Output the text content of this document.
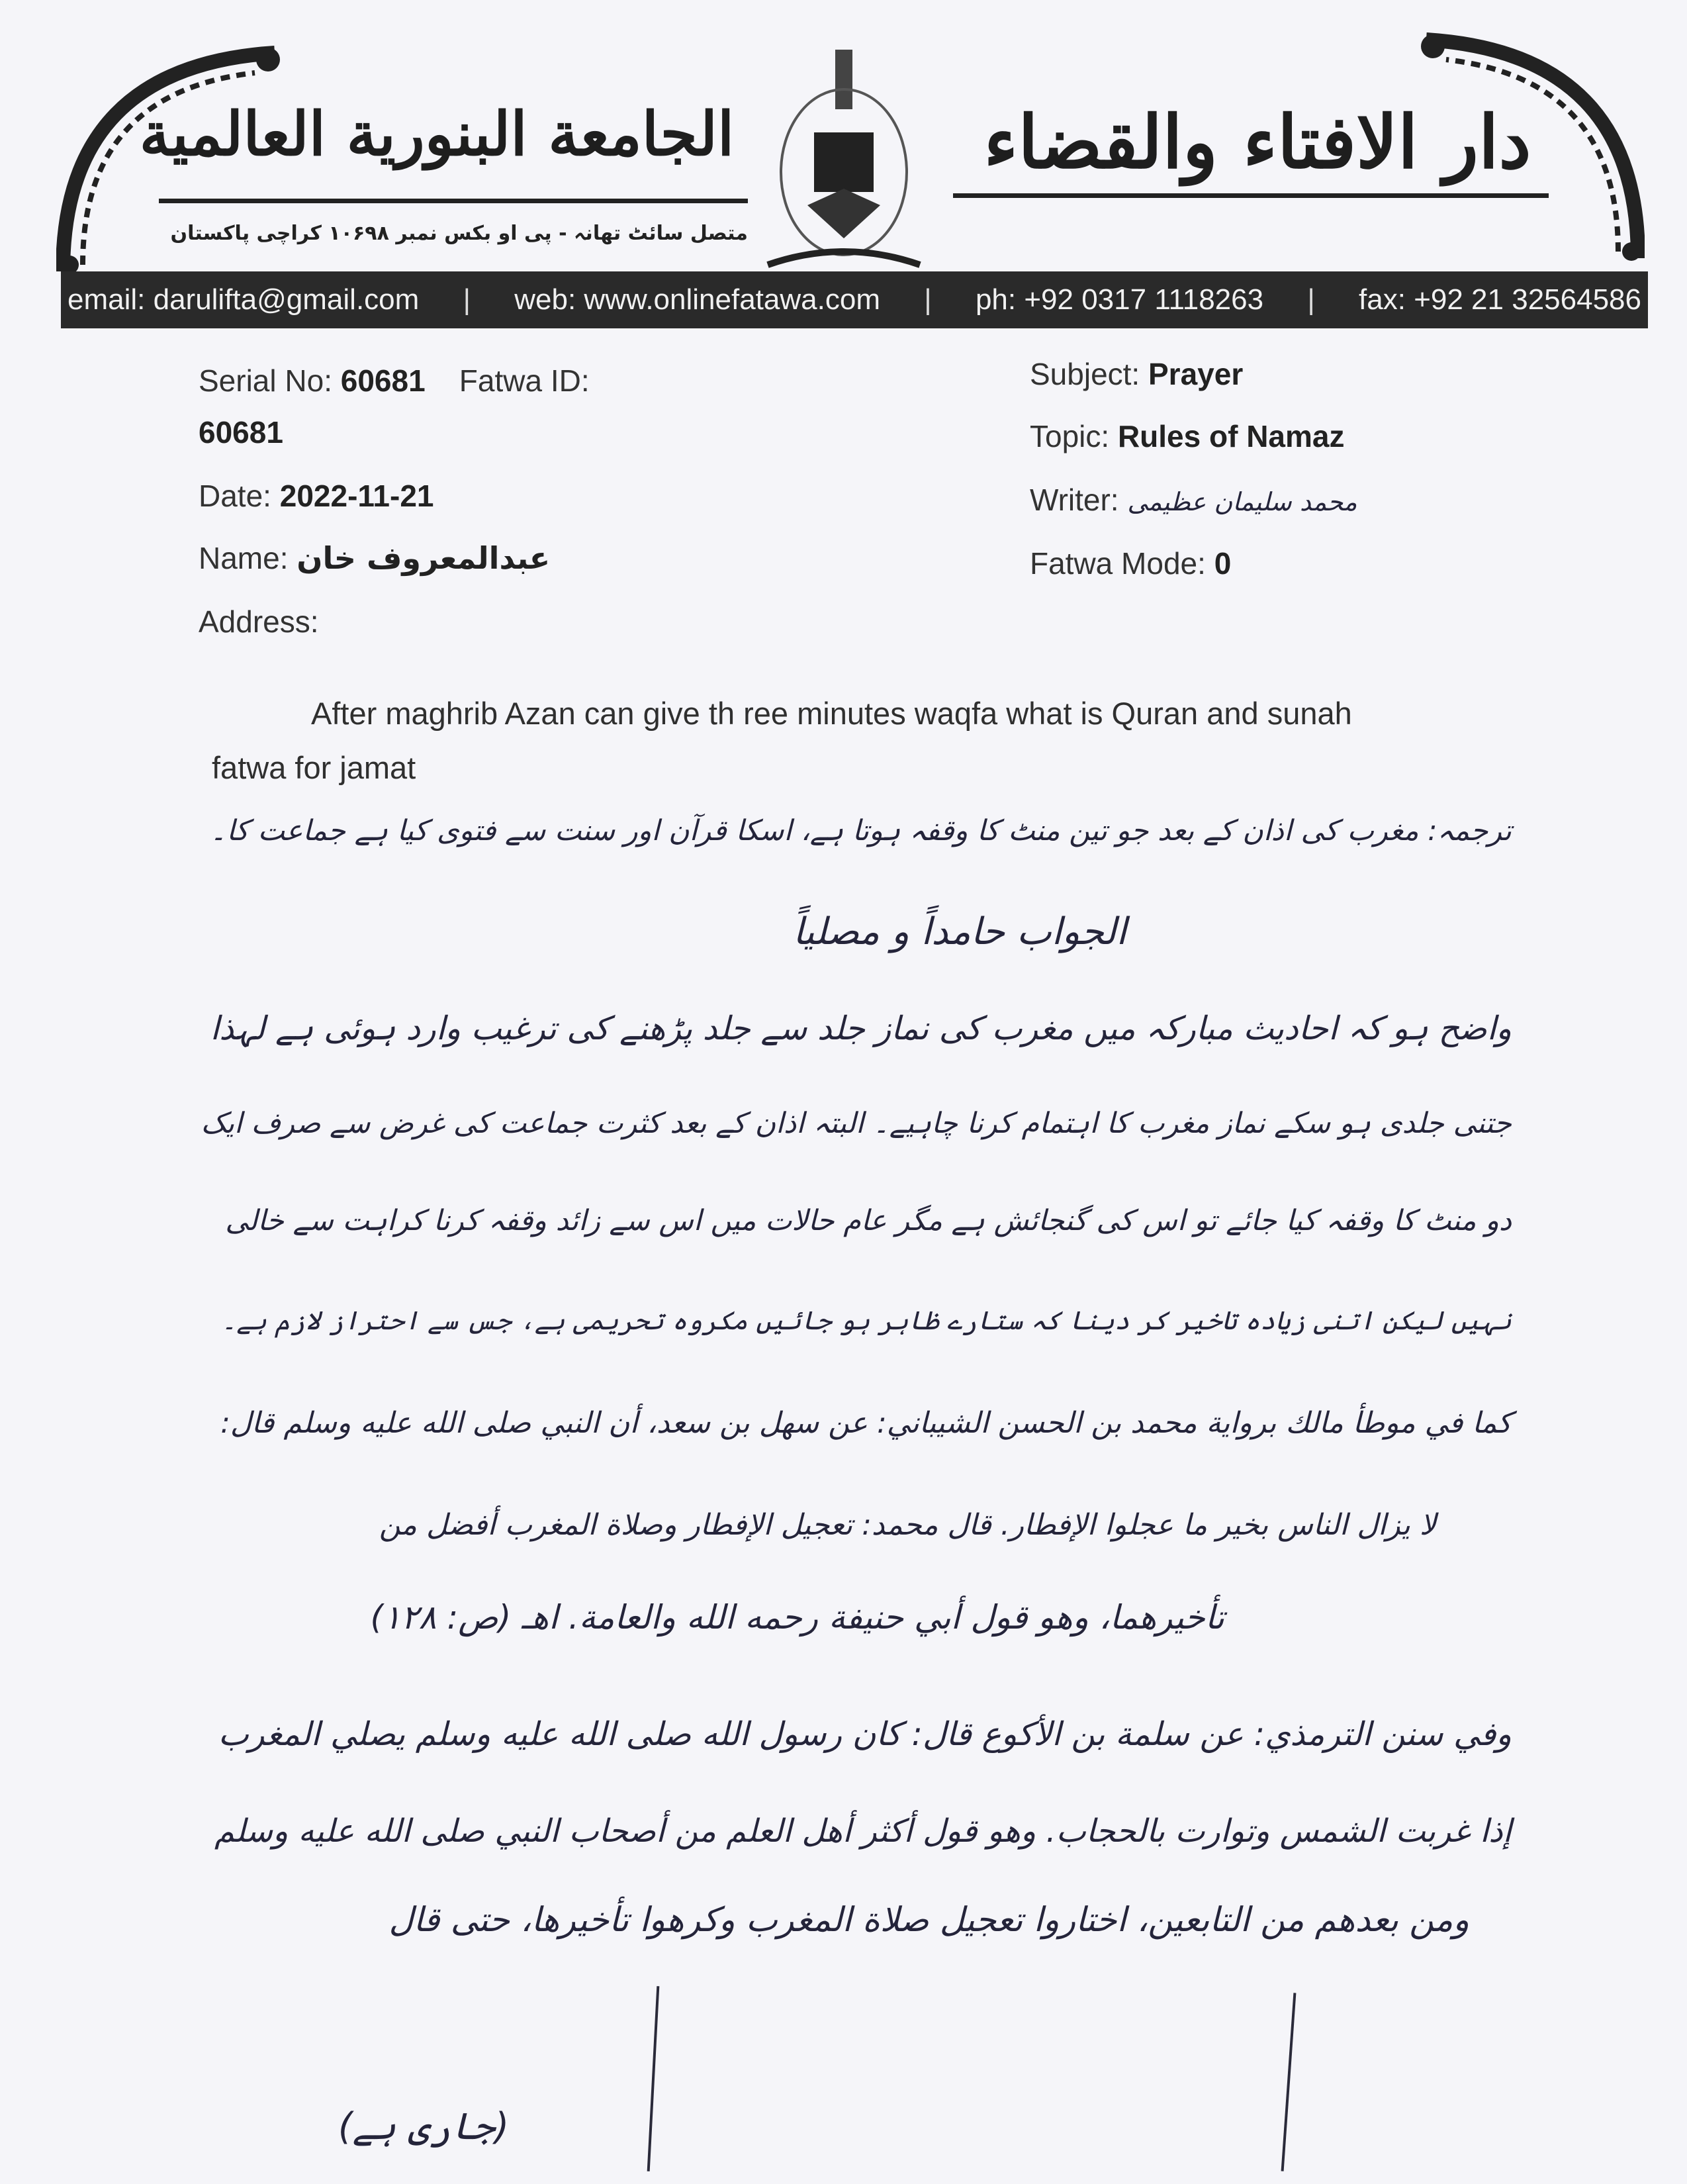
الجامعة البنورية العالمية	دار الافتاء والقضاء
متصل سائٹ تھانہ - پی او بکس نمبر ۱۰۶۹۸ کراچی پاکستان
email: darulifta@gmail.com | web: www.onlinefatawa.com | ph: +92 0317 1118263 | fax: +92 21 32564586
Serial No: 60681 Fatwa ID:
60681
Date: 2022-11-21
Name: عبدالمعروف خان
Address:
Subject: Prayer
Topic: Rules of Namaz
Writer: محمد سلیمان عظیمی
Fatwa Mode: 0
After maghrib Azan can give th ree minutes waqfa what is Quran and sunah
fatwa for jamat
ترجمہ: مغرب کی اذان کے بعد جو تین منٹ کا وقفہ ہوتا ہے، اسکا قرآن اور سنت سے فتوی کیا ہے جماعت کا۔
الجواب حامداً و مصلیاً
واضح ہو کہ احادیث مبارکہ میں مغرب کی نماز جلد سے جلد پڑھنے کی ترغیب وارد ہوئی ہے لہذا
جتنی جلدی ہو سکے نماز مغرب کا اہتمام کرنا چاہیے۔ البتہ اذان کے بعد کثرت جماعت کی غرض سے صرف ایک
دو منٹ کا وقفہ کیا جائے تو اس کی گنجائش ہے مگر عام حالات میں اس سے زائد وقفہ کرنا کراہت سے خالی
نہیں لیکن اتنی زیادہ تاخیر کر دینا کہ ستارے ظاہر ہو جائیں مکروہ تحریمی ہے، جس سے احتراز لازم ہے۔
كما في موطأ مالك برواية محمد بن الحسن الشيباني: عن سهل بن سعد، أن النبي صلى الله عليه وسلم قال:
لا يزال الناس بخير ما عجلوا الإفطار. قال محمد: تعجيل الإفطار وصلاة المغرب أفضل من
تأخيرهما، وهو قول أبي حنيفة رحمه الله والعامة. اهـ (ص: ١٢٨)
وفي سنن الترمذي: عن سلمة بن الأكوع قال: كان رسول الله صلى الله عليه وسلم يصلي المغرب
إذا غربت الشمس وتوارت بالحجاب. وهو قول أكثر أهل العلم من أصحاب النبي صلى الله عليه وسلم
ومن بعدهم من التابعين، اختاروا تعجيل صلاة المغرب وكرهوا تأخيرها، حتى قال
(جاری ہے)
